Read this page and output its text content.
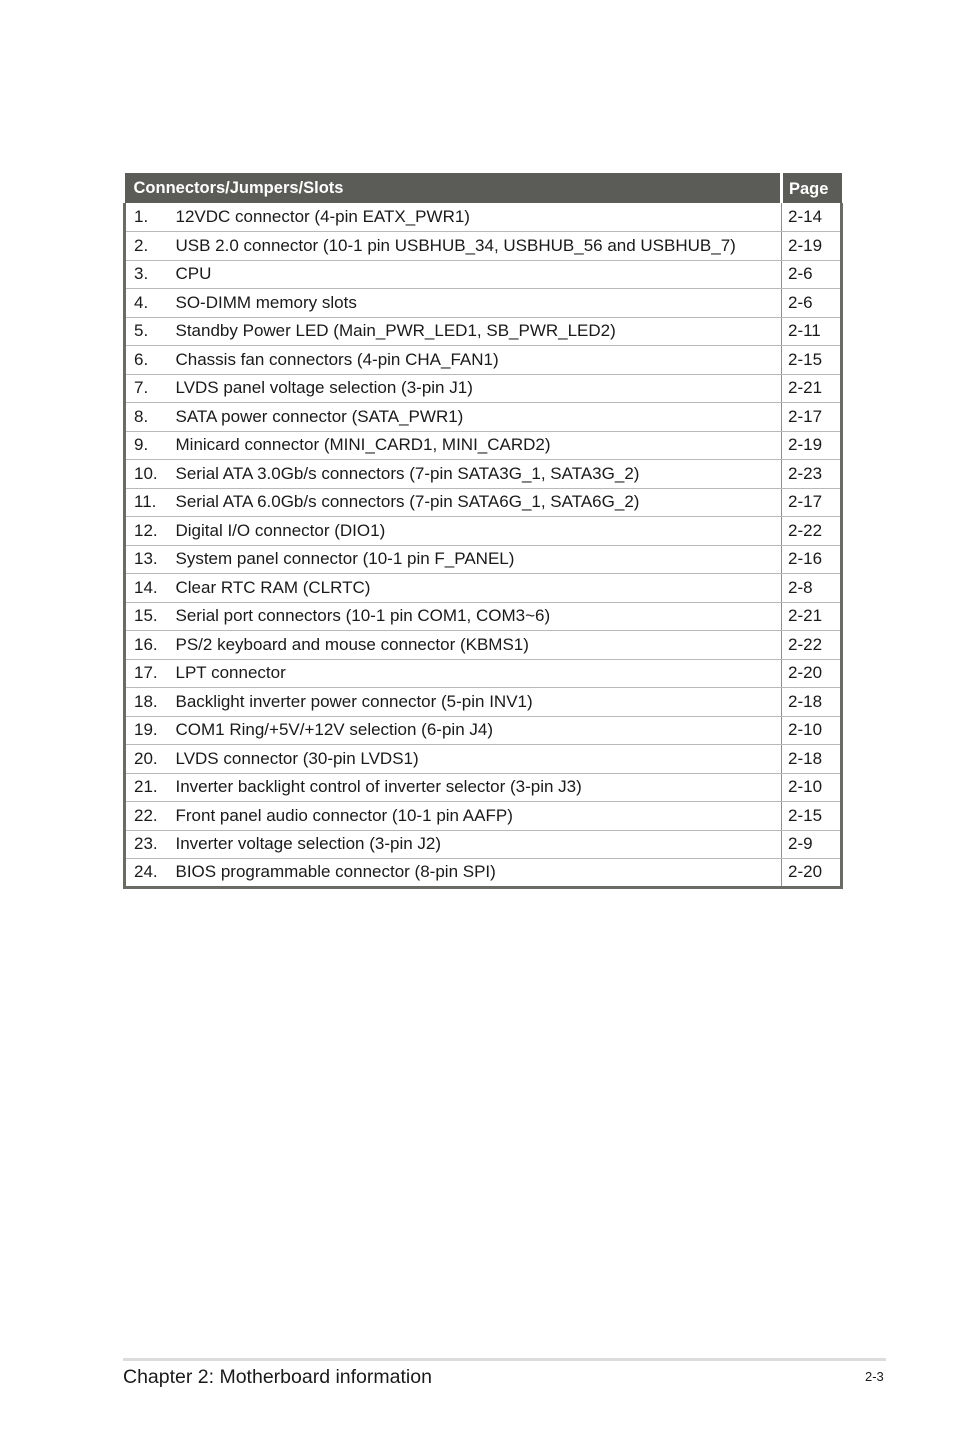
Connectors/Jumpers/Slots		Page
1.	12VDC connector (4-pin EATX_PWR1)	2-14
2.	USB 2.0 connector (10-1 pin USBHUB_34, USBHUB_56 and USBHUB_7)	2-19
3.	CPU	2-6
4.	SO-DIMM memory slots	2-6
5.	Standby Power LED (Main_PWR_LED1, SB_PWR_LED2)	2-11
6.	Chassis fan connectors (4-pin CHA_FAN1)	2-15
7.	LVDS panel voltage selection (3-pin J1)	2-21
8.	SATA power connector (SATA_PWR1)	2-17
9.	Minicard connector (MINI_CARD1, MINI_CARD2)	2-19
10.	Serial ATA 3.0Gb/s connectors (7-pin SATA3G_1, SATA3G_2)	2-23
11.	Serial ATA 6.0Gb/s connectors (7-pin SATA6G_1, SATA6G_2)	2-17
12.	Digital I/O connector (DIO1)	2-22
13.	System panel connector (10-1 pin F_PANEL)	2-16
14.	Clear RTC RAM (CLRTC)	2-8
15.	Serial port connectors (10-1 pin COM1, COM3~6)	2-21
16.	PS/2 keyboard and mouse connector (KBMS1)	2-22
17.	LPT connector	2-20
18.	Backlight inverter power connector (5-pin INV1)	2-18
19.	COM1 Ring/+5V/+12V selection (6-pin J4)	2-10
20.	LVDS connector (30-pin LVDS1)	2-18
21.	Inverter backlight control of inverter selector (3-pin J3)	2-10
22.	Front panel audio connector (10-1 pin AAFP)	2-15
23.	Inverter voltage selection (3-pin J2)	2-9
24.	BIOS programmable connector (8-pin SPI)	2-20
Chapter 2: Motherboard information	2-3
